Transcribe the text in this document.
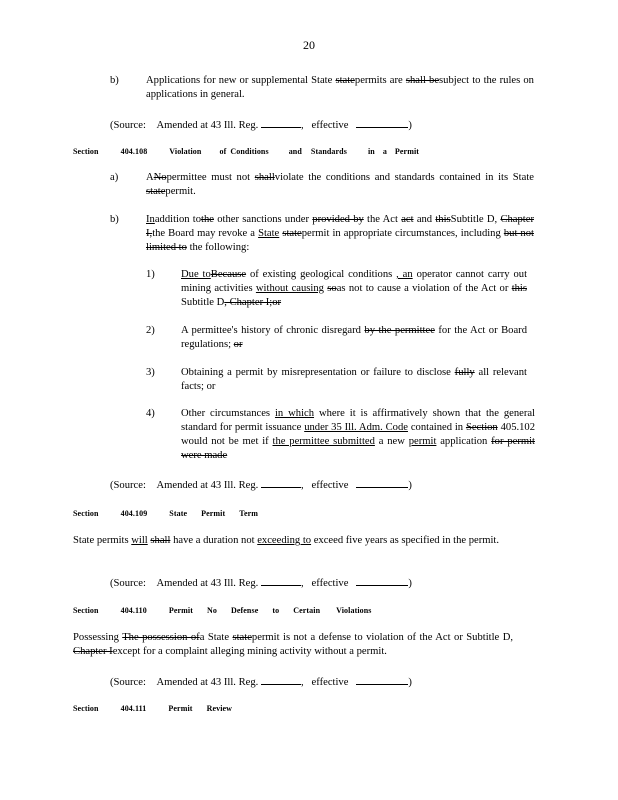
20
b)	Applications for new or supplemental State statepermits are shall besubject to the rules on applications in general.
(Source: Amended at 43 Ill. Reg.	, effective	)
Section	404.108	Violation of Conditions	and Standards	in a Permit
a)	ANopermittee must not shallviolate the conditions and standards contained in its State statepermit.
b)	Inaddition tothe other sanctions under provided by the Act act and thisSubtitle D, Chapter I,the Board may revoke a State statepermit in appropriate circumstances, including but not limited to the following:
1) Due toBecause of existing geological conditions , an operator cannot carry out mining activities without causing soas not to cause a violation of the Act or this Subtitle D, Chapter I;or
2) A permittee's history of chronic disregard by the permittee for the Act or Board regulations; or
3) Obtaining a permit by misrepresentation or failure to disclose fully all relevant facts; or
4) Other circumstances in which where it is affirmatively shown that the general standard for permit issuance under 35 Ill. Adm. Code contained in Section 405.102 would not be met if the permittee submitted a new permit application for permit were made
(Source: Amended at 43 Ill. Reg.	, effective	)
Section	404.109	State Permit Term
State permits will shall have a duration not exceeding to exceed five years as specified in the permit.
(Source: Amended at 43 Ill. Reg.	, effective	)
Section	404.110	Permit No Defense to Certain Violations
Possessing The possession ofa State statepermit is not a defense to violation of the Act or Subtitle D, Chapter Iexcept for a complaint alleging mining activity without a permit.
(Source: Amended at 43 Ill. Reg.	, effective	)
Section	404.111	Permit Review
